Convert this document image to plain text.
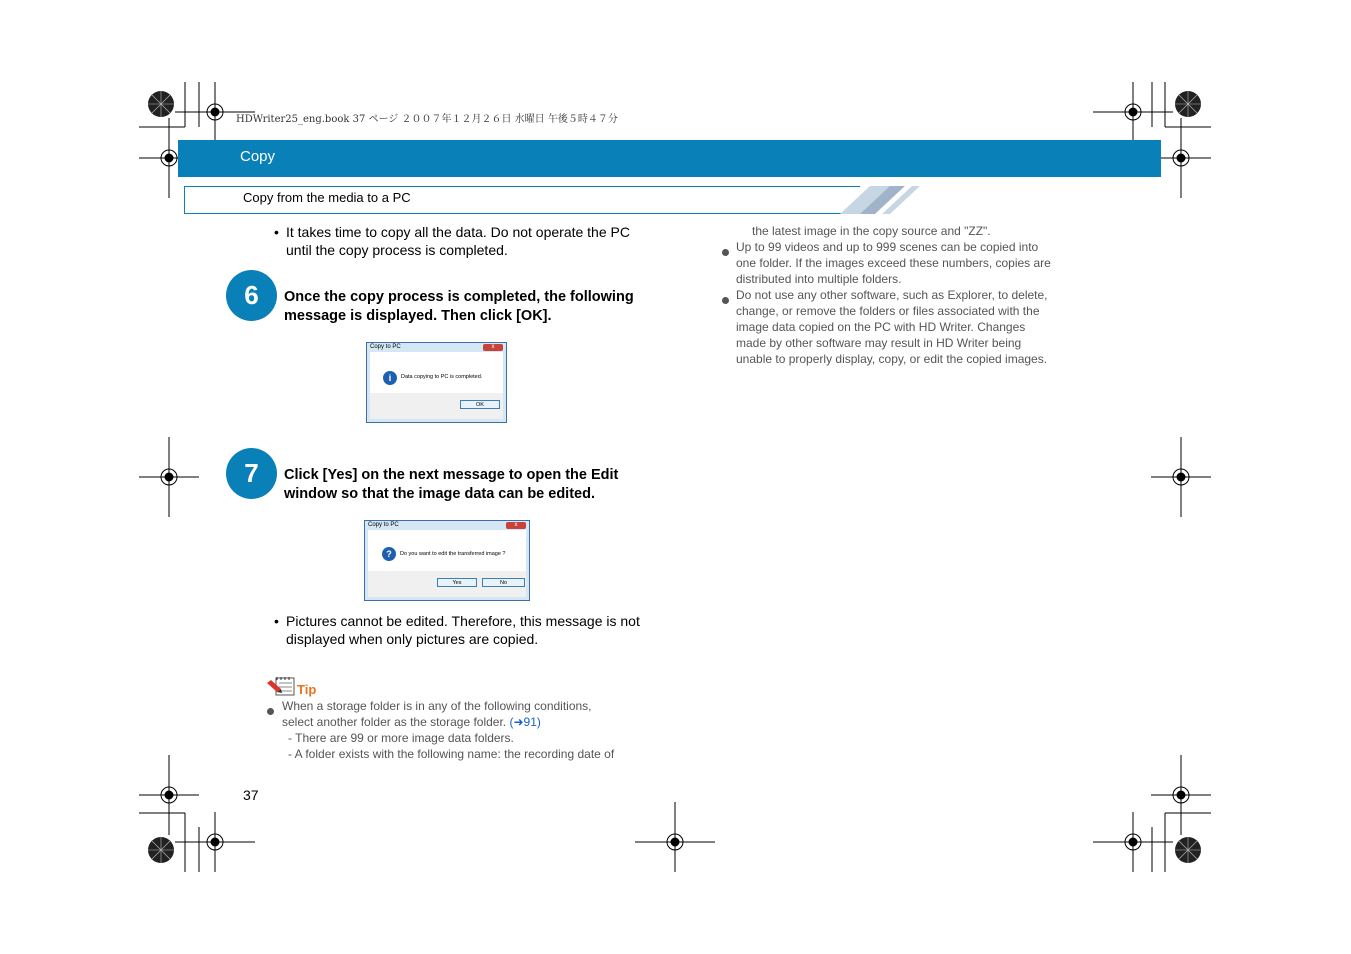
HDWriter25_eng.book 37 ページ ２００７年１２月２６日 水曜日 午後５時４７分
Copy
Copy from the media to a PC
• It takes time to copy all the data. Do not operate the PC
until the copy process is completed.
6	Once the copy process is completed, the following
message is displayed. Then click [OK].
Copy to PC	x
i	Data copying to PC is completed.
OK
7	Click [Yes] on the next message to open the Edit
window so that the image data can be edited.
Copy to PC	x
?	Do you want to edit the transferred image ?
Yes	No
• Pictures cannot be edited. Therefore, this message is not
displayed when only pictures are copied.
Tip
When a storage folder is in any of the following conditions,
select another folder as the storage folder. (➜91)
- There are 99 or more image data folders.
- A folder exists with the following name: the recording date of
the latest image in the copy source and "ZZ".
Up to 99 videos and up to 999 scenes can be copied into
one folder. If the images exceed these numbers, copies are
distributed into multiple folders.
Do not use any other software, such as Explorer, to delete,
change, or remove the folders or files associated with the
image data copied on the PC with HD Writer. Changes
made by other software may result in HD Writer being
unable to properly display, copy, or edit the copied images.
37
